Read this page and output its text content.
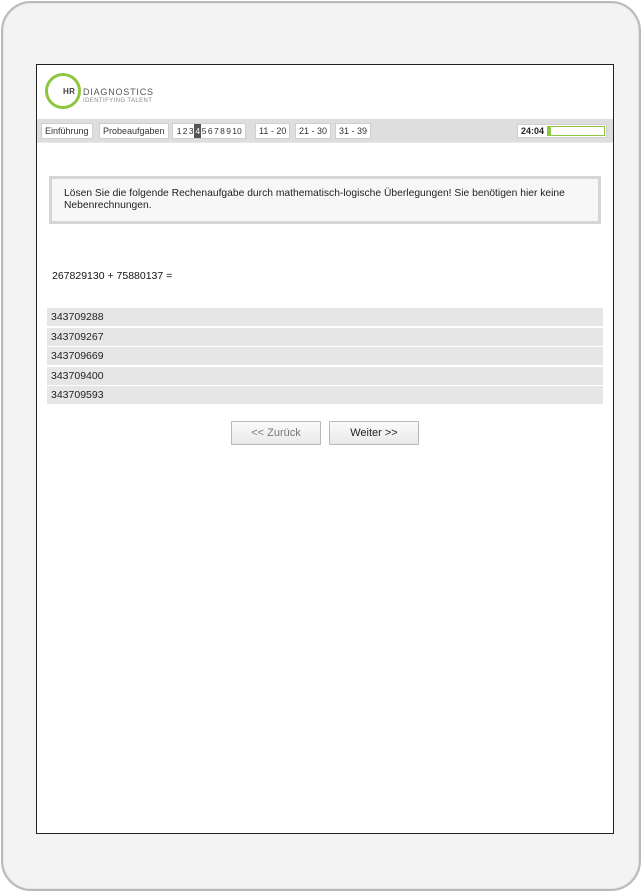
HR DIAGNOSTICS
IDENTIFYING TALENT
Einführung	Probeaufgaben	1 2 3 4 5 6 7 8 9 10	11 - 20	21 - 30	31 - 39	24:04
Lösen Sie die folgende Rechenaufgabe durch mathematisch-logische Überlegungen! Sie benötigen hier keine Nebenrechnungen.
267829130 + 75880137 =
343709288
343709267
343709669
343709400
343709593
<< Zurück	Weiter >>
